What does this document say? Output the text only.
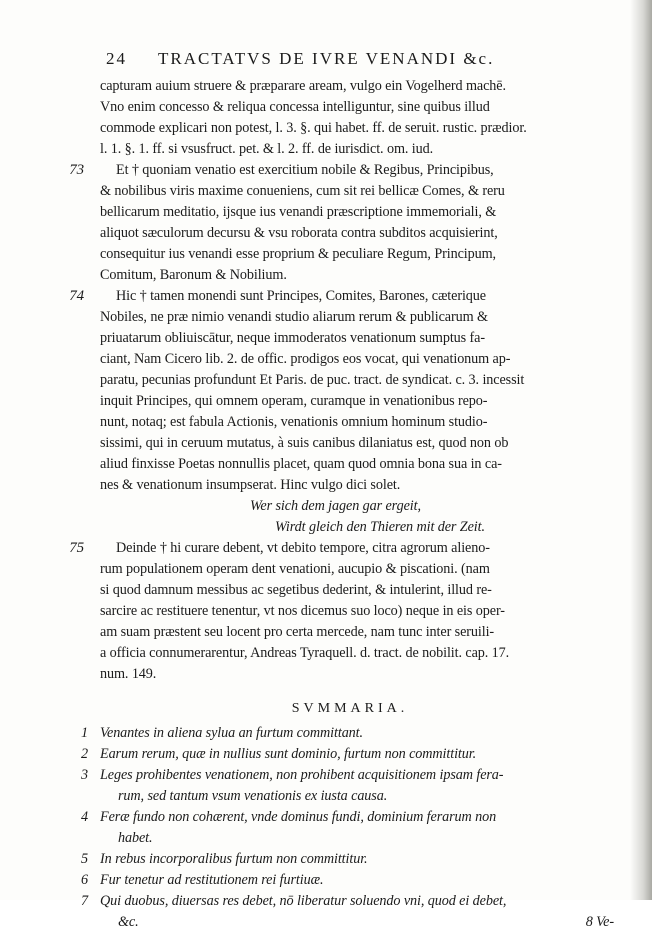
24	TRACTATVS DE IVRE VENANDI &c.
capturam auium struere & præparare aream, vulgo ein Vogelherd machē.
Vno enim concesso & reliqua concessa intelliguntur, sine quibus illud
commode explicari non potest, l. 3. §. qui habet. ff. de seruit. rustic. prædior.
l. 1. §. 1. ff. si vsusfruct. pet. & l. 2. ff. de iurisdict. om. iud.
73	Et † quoniam venatio est exercitium nobile & Regibus, Principibus,
& nobilibus viris maxime conueniens, cum sit rei bellicæ Comes, & reru
bellicarum meditatio, ijsque ius venandi præscriptione immemoriali, &
aliquot sæculorum decursu & vsu roborata contra subditos acquisierint,
consequitur ius venandi esse proprium & peculiare Regum, Principum,
Comitum, Baronum & Nobilium.
74	Hic † tamen monendi sunt Principes, Comites, Barones, cæterique
Nobiles, ne præ nimio venandi studio aliarum rerum & publicarum &
priuatarum obliuiscātur, neque immoderatos venationum sumptus fa-
ciant, Nam Cicero lib. 2. de offic. prodigos eos vocat, qui venationum ap-
paratu, pecunias profundunt Et Paris. de puc. tract. de syndicat. c. 3. incessit
inquit Principes, qui omnem operam, curamque in venationibus repo-
nunt, notaq; est fabula Actionis, venationis omnium hominum studio-
sissimi, qui in ceruum mutatus, à suis canibus dilaniatus est, quod non ob
aliud finxisse Poetas nonnullis placet, quam quod omnia bona sua in ca-
nes & venationum insumpserat. Hinc vulgo dici solet.
Wer sich dem jagen gar ergeit,
Wirdt gleich den Thieren mit der Zeit.
75	Deinde † hi curare debent, vt debito tempore, citra agrorum alieno-
rum populationem operam dent venationi, aucupio & piscationi. (nam
si quod damnum messibus ac segetibus dederint, & intulerint, illud re-
sarcire ac restituere tenentur, vt nos dicemus suo loco) neque in eis oper-
am suam præstent seu locent pro certa mercede, nam tunc inter seruili-
a officia connumerarentur, Andreas Tyraquell. d. tract. de nobilit. cap. 17.
num. 149.
SVMMARIA.
1 Venantes in aliena sylua an furtum committant.
2 Earum rerum, quæ in nullius sunt dominio, furtum non committitur.
3 Leges prohibentes venationem, non prohibent acquisitionem ipsam fera-
rum, sed tantum vsum venationis ex iusta causa.
4 Feræ fundo non cohærent, vnde dominus fundi, dominium ferarum non
habet.
5 In rebus incorporalibus furtum non committitur.
6 Fur tenetur ad restitutionem rei furtiuæ.
7 Qui duobus, diuersas res debet, nō liberatur soluendo vni, quod ei debet,
&c.	8 Ve-
